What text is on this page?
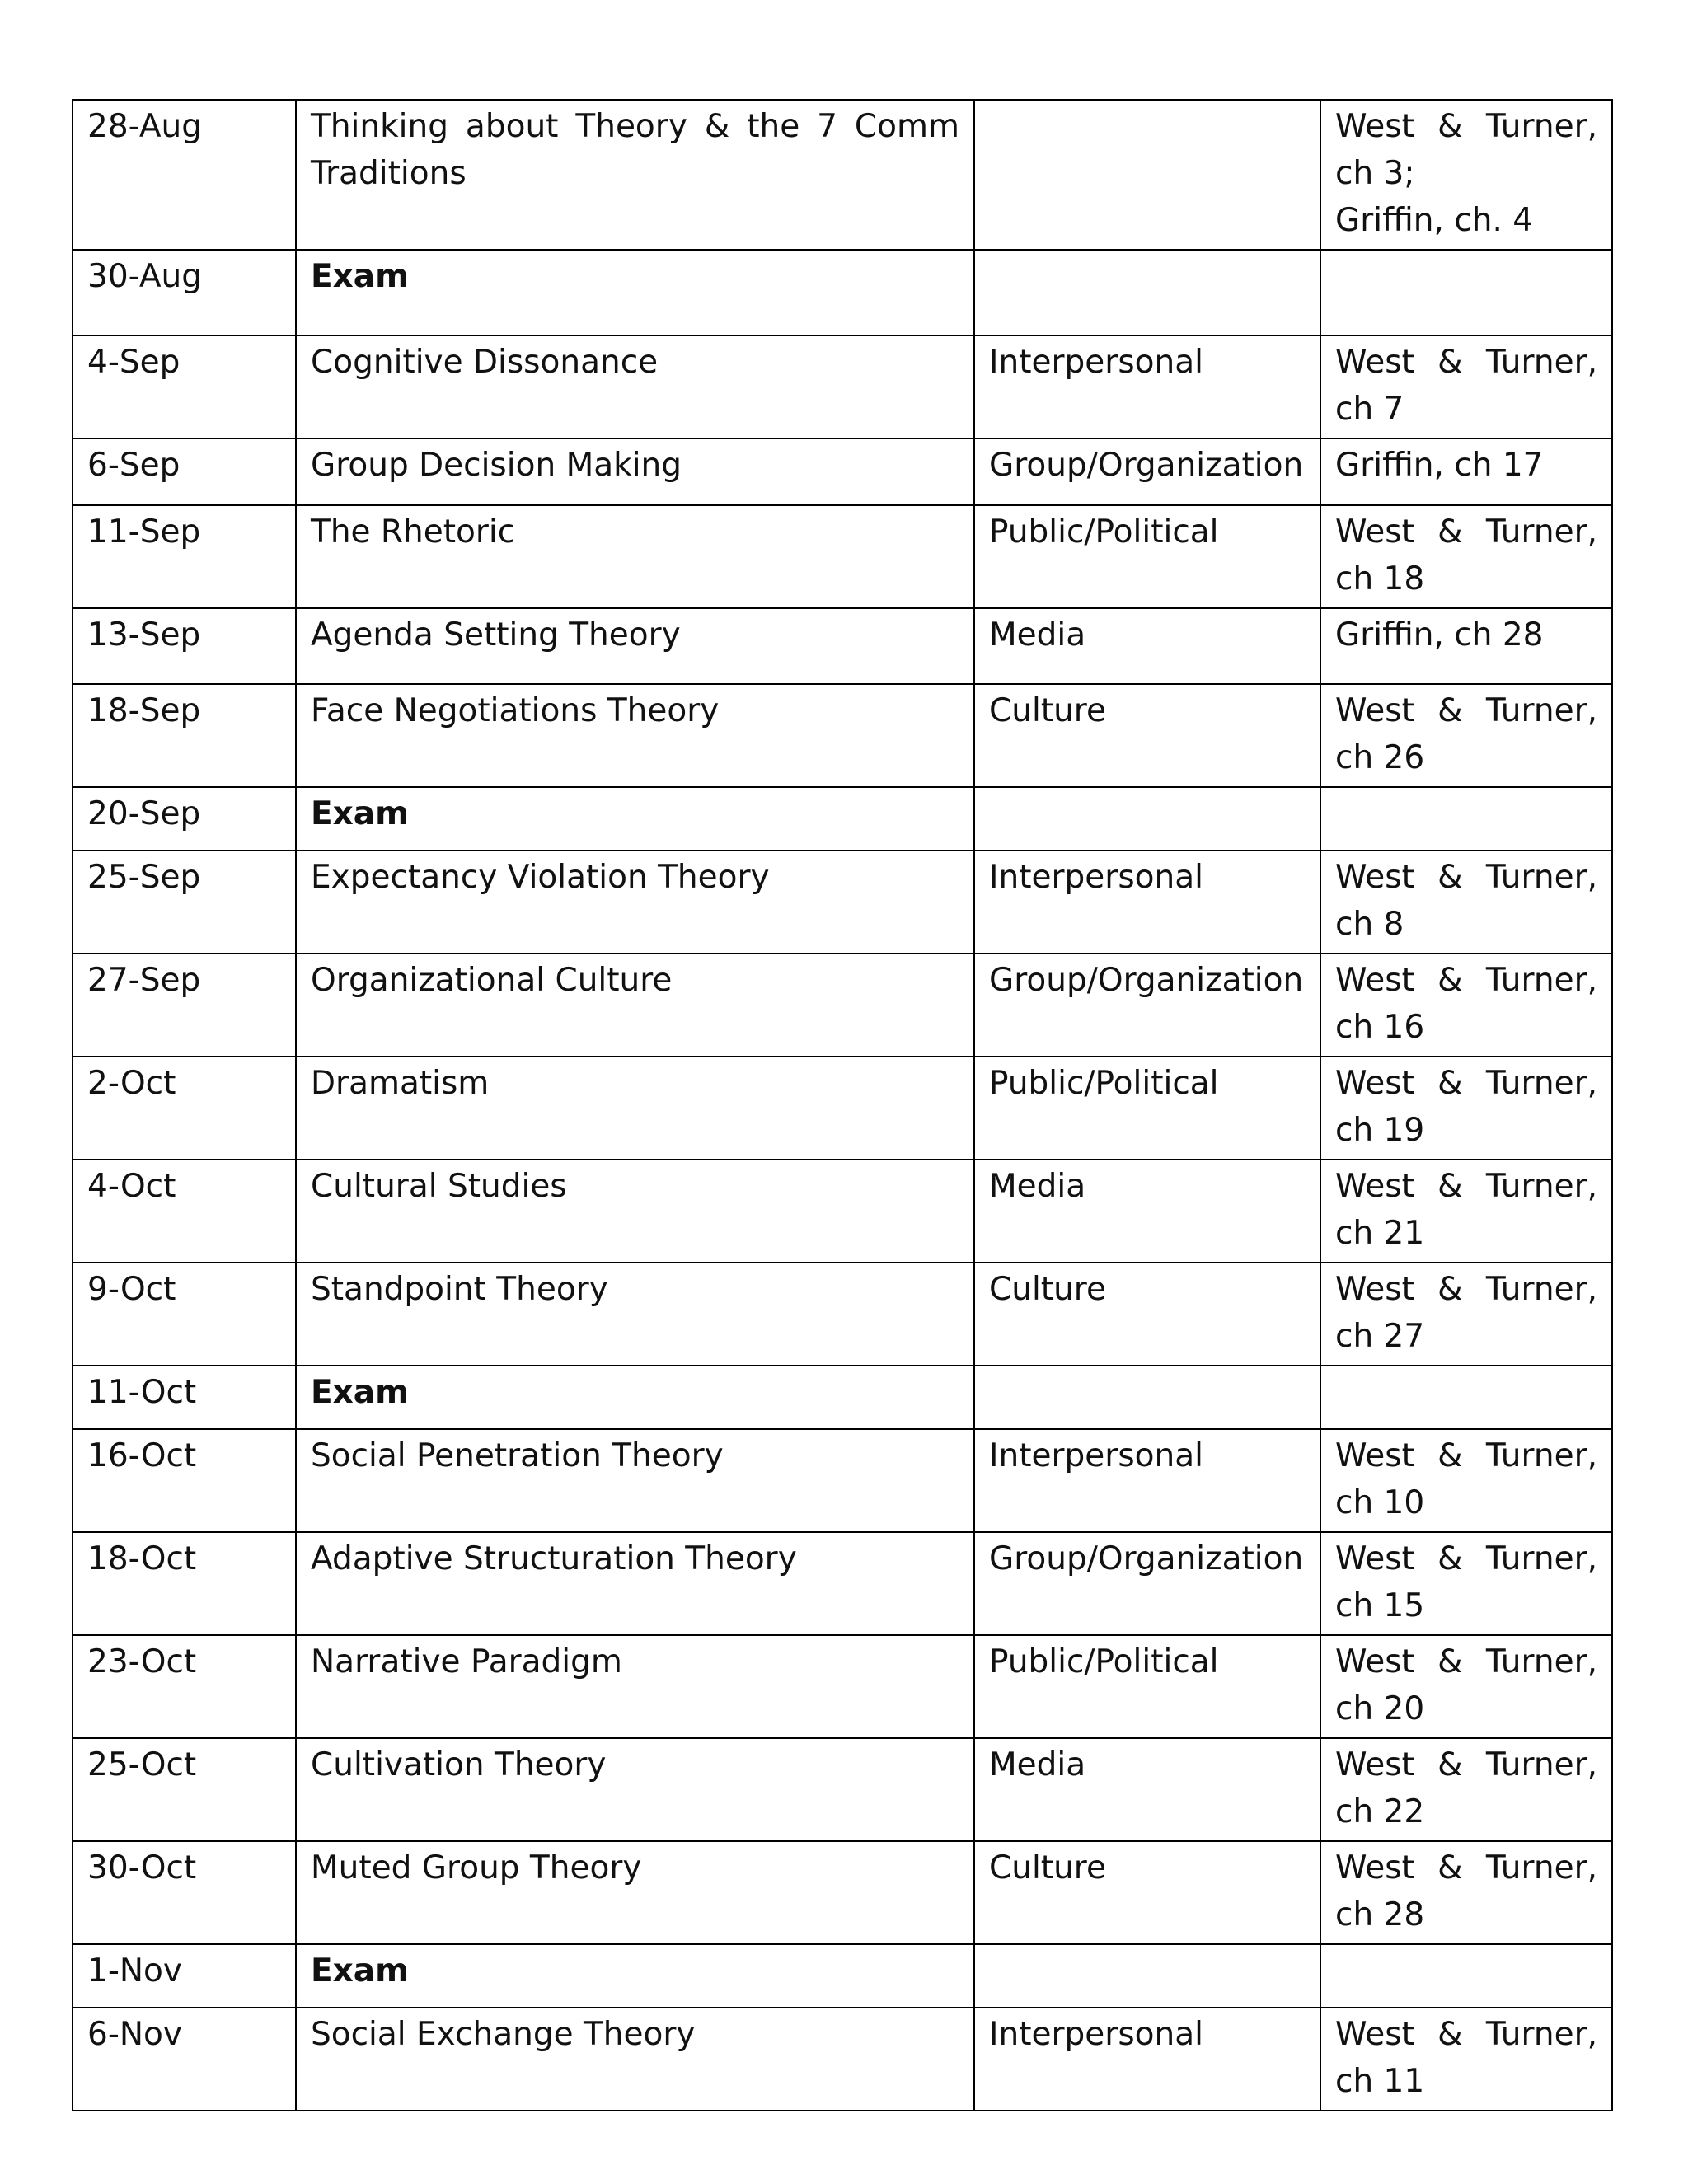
28-Aug	Thinking about Theory & the 7 Comm Traditions		West & Turner, ch 3;
Griffin, ch. 4

30-Aug	Exam		
4-Sep	Cognitive Dissonance	Interpersonal	West & Turner, ch 7
6-Sep	Group Decision Making	Group/Organization	Griffin, ch 17
11-Sep	The Rhetoric	Public/Political	West & Turner, ch 18
13-Sep	Agenda Setting Theory	Media	Griffin, ch 28
18-Sep	Face Negotiations Theory	Culture	West & Turner, ch 26
20-Sep	Exam		
25-Sep	Expectancy Violation Theory	Interpersonal	West & Turner, ch 8
27-Sep	Organizational Culture	Group/Organization	West & Turner, ch 16
2-Oct	Dramatism	Public/Political	West & Turner, ch 19
4-Oct	Cultural Studies	Media	West & Turner, ch 21
9-Oct	Standpoint Theory	Culture	West & Turner, ch 27
11-Oct	Exam		
16-Oct	Social Penetration Theory	Interpersonal	West & Turner, ch 10
18-Oct	Adaptive Structuration Theory	Group/Organization	West & Turner, ch 15
23-Oct	Narrative Paradigm	Public/Political	West & Turner, ch 20
25-Oct	Cultivation Theory	Media	West & Turner, ch 22
30-Oct	Muted Group Theory	Culture	West & Turner, ch 28
1-Nov	Exam		
6-Nov	Social Exchange Theory	Interpersonal	West & Turner, ch 11
